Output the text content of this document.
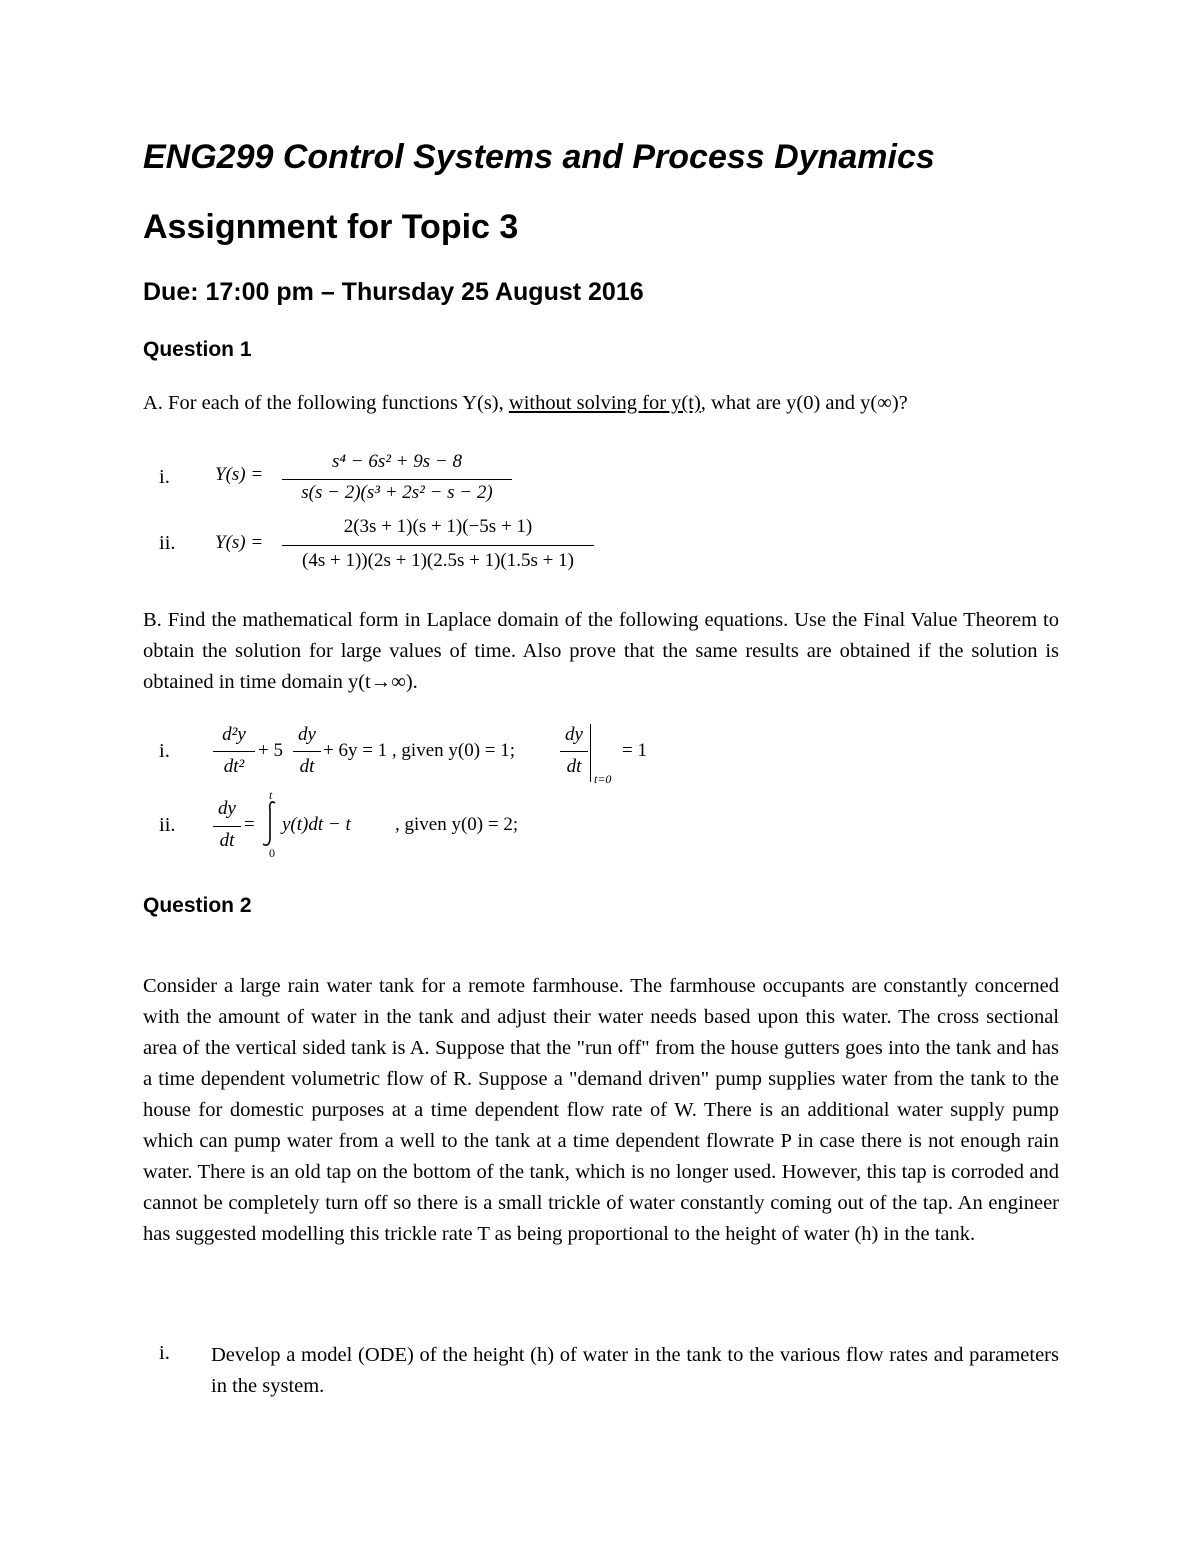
ENG299 Control Systems and Process Dynamics
Assignment for Topic 3
Due: 17:00 pm – Thursday 25 August 2016
Question 1
A. For each of the following functions Y(s), without solving for y(t), what are y(0) and y(∞)?
i. Y(s) =
s⁴ − 6s² + 9s − 8
s(s − 2)(s³ + 2s² − s − 2)
ii. Y(s) =
2(3s + 1)(s + 1)(−5s + 1)
(4s + 1))(2s + 1)(2.5s + 1)(1.5s + 1)
B. Find the mathematical form in Laplace domain of the following equations. Use the Final Value Theorem to obtain the solution for large values of time. Also prove that the same results are obtained if the solution is obtained in time domain y(t→∞).
i.
d²y
dt²
+ 5
dy
dt
+ 6y = 1 , given y(0) = 1;
dy
dt
t=0
= 1
ii.
dy
dt
=
t
0
y(t)dt − t , given y(0) = 2;
Question 2
Consider a large rain water tank for a remote farmhouse. The farmhouse occupants are constantly concerned with the amount of water in the tank and adjust their water needs based upon this water. The cross sectional area of the vertical sided tank is A. Suppose that the "run off" from the house gutters goes into the tank and has a time dependent volumetric flow of R. Suppose a "demand driven" pump supplies water from the tank to the house for domestic purposes at a time dependent flow rate of W. There is an additional water supply pump which can pump water from a well to the tank at a time dependent flowrate P in case there is not enough rain water. There is an old tap on the bottom of the tank, which is no longer used. However, this tap is corroded and cannot be completely turn off so there is a small trickle of water constantly coming out of the tap. An engineer has suggested modelling this trickle rate T as being proportional to the height of water (h) in the tank.
i. Develop a model (ODE) of the height (h) of water in the tank to the various flow rates and parameters in the system.
